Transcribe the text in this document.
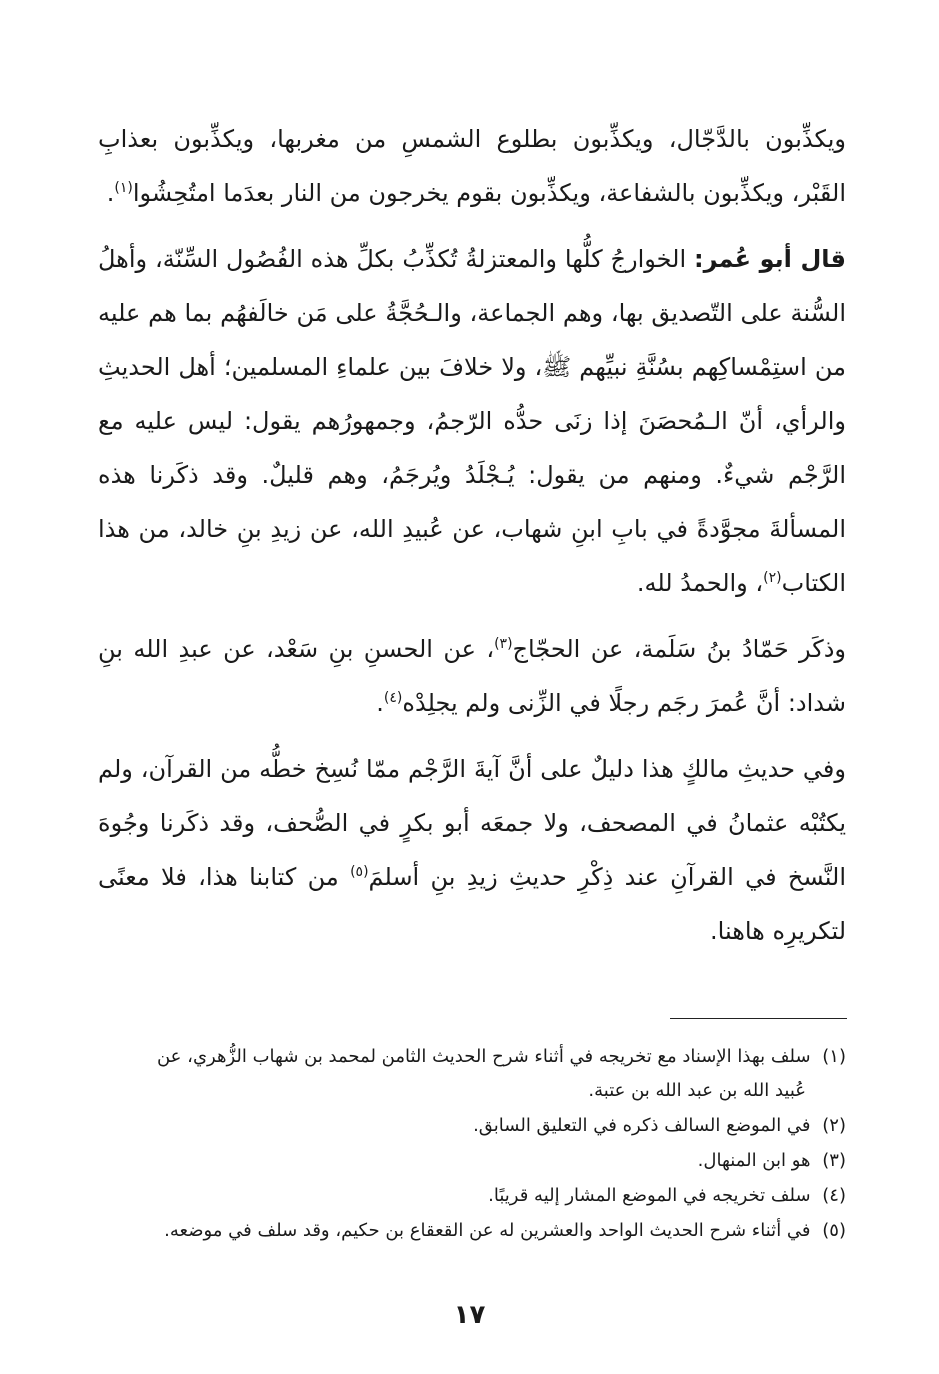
ويكذِّبون بالدَّجّال، ويكذِّبون بطلوع الشمسِ من مغربها، ويكذِّبون بعذابِ القَبْر، ويكذِّبون بالشفاعة، ويكذِّبون بقوم يخرجون من النار بعدَما امتُحِشُوا$^{(١)}$.

قال أبو عُمر: الخوارجُ كلُّها والمعتزلةُ تُكذِّبُ بكلِّ هذه الفُصُول السِّنّة، وأهلُ السُّنة على التّصديق بها، وهم الجماعة، والـحُجَّةُ على مَن خالَفهُم بما هم عليه من استِمْساكِهم بسُنَّةِ نبيِّهم ﷺ، ولا خلافَ بين علماءِ المسلمين؛ أهل الحديثِ والرأي، أنّ الـمُحصَنَ إذا زنَى حدُّه الرّجمُ، وجمهورُهم يقول: ليس عليه مع الرَّجْم شيءٌ. ومنهم من يقول: يُـجْلَدُ ويُرجَمُ، وهم قليلٌ. وقد ذكَرنا هذه المسألةَ مجوَّدةً في بابِ ابنِ شهاب، عن عُبيدِ الله، عن زيدِ بنِ خالد، من هذا الكتاب$^{(٢)}$، والحمدُ لله.

وذكَر حَمّادُ بنُ سَلَمة، عن الحجّاج$^{(٣)}$، عن الحسنِ بنِ سَعْد، عن عبدِ الله بنِ شداد: أنَّ عُمرَ رجَم رجلًا في الزِّنى ولم يجلِدْه$^{(٤)}$.

وفي حديثِ مالكٍ هذا دليلٌ على أنَّ آيةَ الرَّجْم ممّا نُسِخ خطُّه من القرآن، ولم يكتُبْه عثمانُ في المصحف، ولا جمعَه أبو بكرٍ في الصُّحف، وقد ذكَرنا وجُوهَ النَّسخ في القرآنِ عند ذِكْرِ حديثِ زيدِ بنِ أسلمَ$^{(٥)}$ من كتابنا هذا، فلا معنًى لتكريرِه هاهنا.

(١) سلف بهذا الإسناد مع تخريجه في أثناء شرح الحديث الثامن لمحمد بن شهاب الزُّهري، عن
عُبيد الله بن عبد الله بن عتبة.
(٢) في الموضع السالف ذكره في التعليق السابق.
(٣) هو ابن المنهال.
(٤) سلف تخريجه في الموضع المشار إليه قريبًا.
(٥) في أثناء شرح الحديث الواحد والعشرين له عن القعقاع بن حكيم، وقد سلف في موضعه.
١٧
